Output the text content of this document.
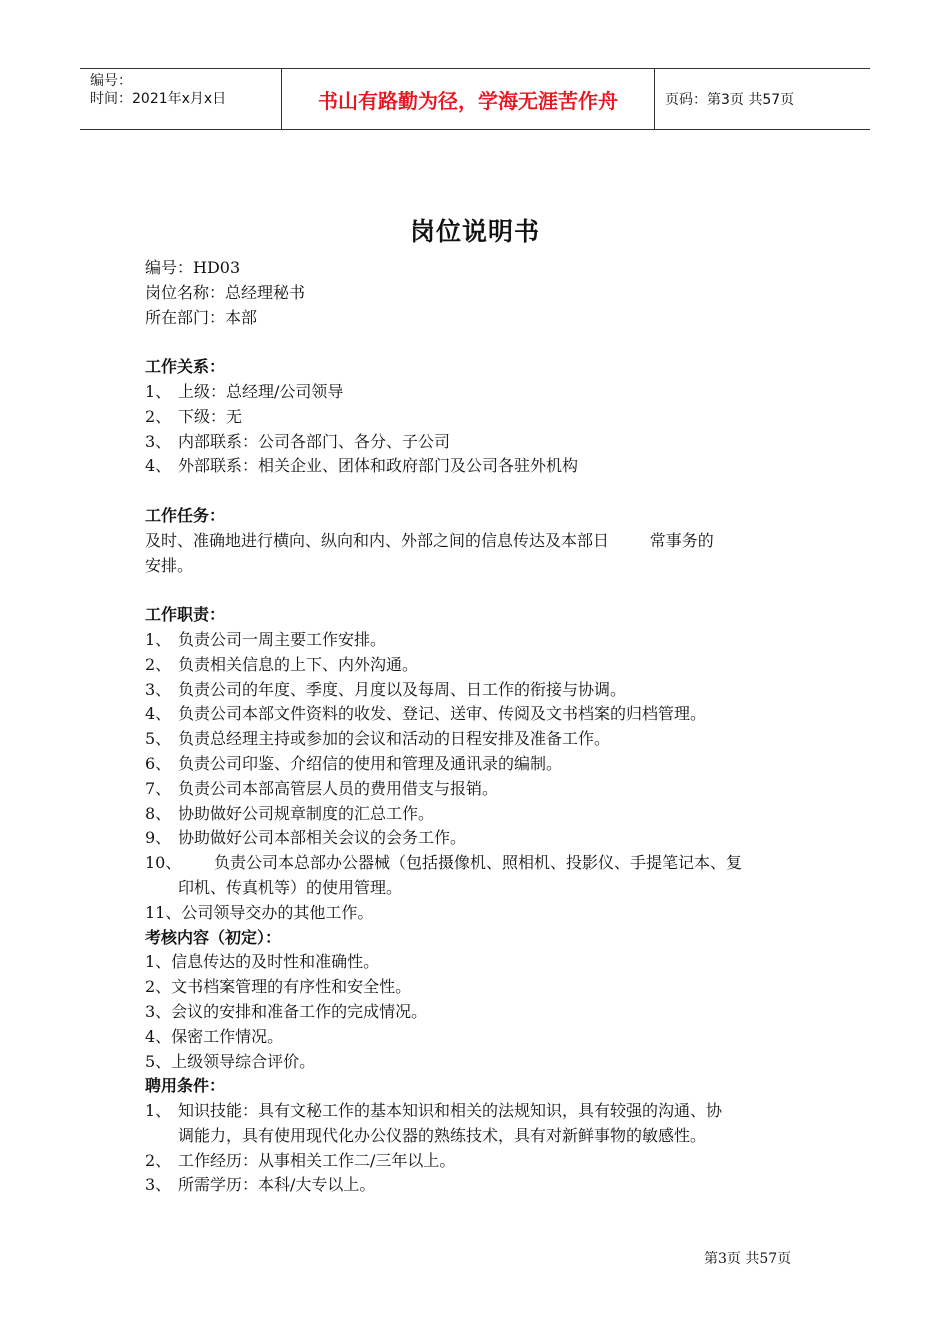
编号：
时间：2021年x月x日	书山有路勤为径，学海无涯苦作舟	页码：第3页 共57页
岗位说明书
编号：HD03
岗位名称：总经理秘书
所在部门：本部
工作关系：
1、 上级：总经理/公司领导
2、 下级：无
3、 内部联系：公司各部门、各分、子公司
4、 外部联系：相关企业、团体和政府部门及公司各驻外机构
工作任务：
及时、准确地进行横向、纵向和内、外部之间的信息传达及本部日        常事务的
安排。
工作职责：
1、 负责公司一周主要工作安排。
2、 负责相关信息的上下、内外沟通。
3、 负责公司的年度、季度、月度以及每周、日工作的衔接与协调。
4、 负责公司本部文件资料的收发、登记、送审、传阅及文书档案的归档管理。
5、 负责总经理主持或参加的会议和活动的日程安排及准备工作。
6、 负责公司印鉴、介绍信的使用和管理及通讯录的编制。
7、 负责公司本部高管层人员的费用借支与报销。
8、 协助做好公司规章制度的汇总工作。
9、 协助做好公司本部相关会议的会务工作。
10、 负责公司本总部办公器械（包括摄像机、照相机、投影仪、手提笔记本、复
印机、传真机等）的使用管理。
11、公司领导交办的其他工作。
考核内容（初定）：
1、信息传达的及时性和准确性。
2、文书档案管理的有序性和安全性。
3、会议的安排和准备工作的完成情况。
4、保密工作情况。
5、上级领导综合评价。
聘用条件：
1、 知识技能：具有文秘工作的基本知识和相关的法规知识，具有较强的沟通、协
调能力，具有使用现代化办公仪器的熟练技术，具有对新鲜事物的敏感性。
2、 工作经历：从事相关工作二/三年以上。
3、 所需学历：本科/大专以上。
第3页 共57页
